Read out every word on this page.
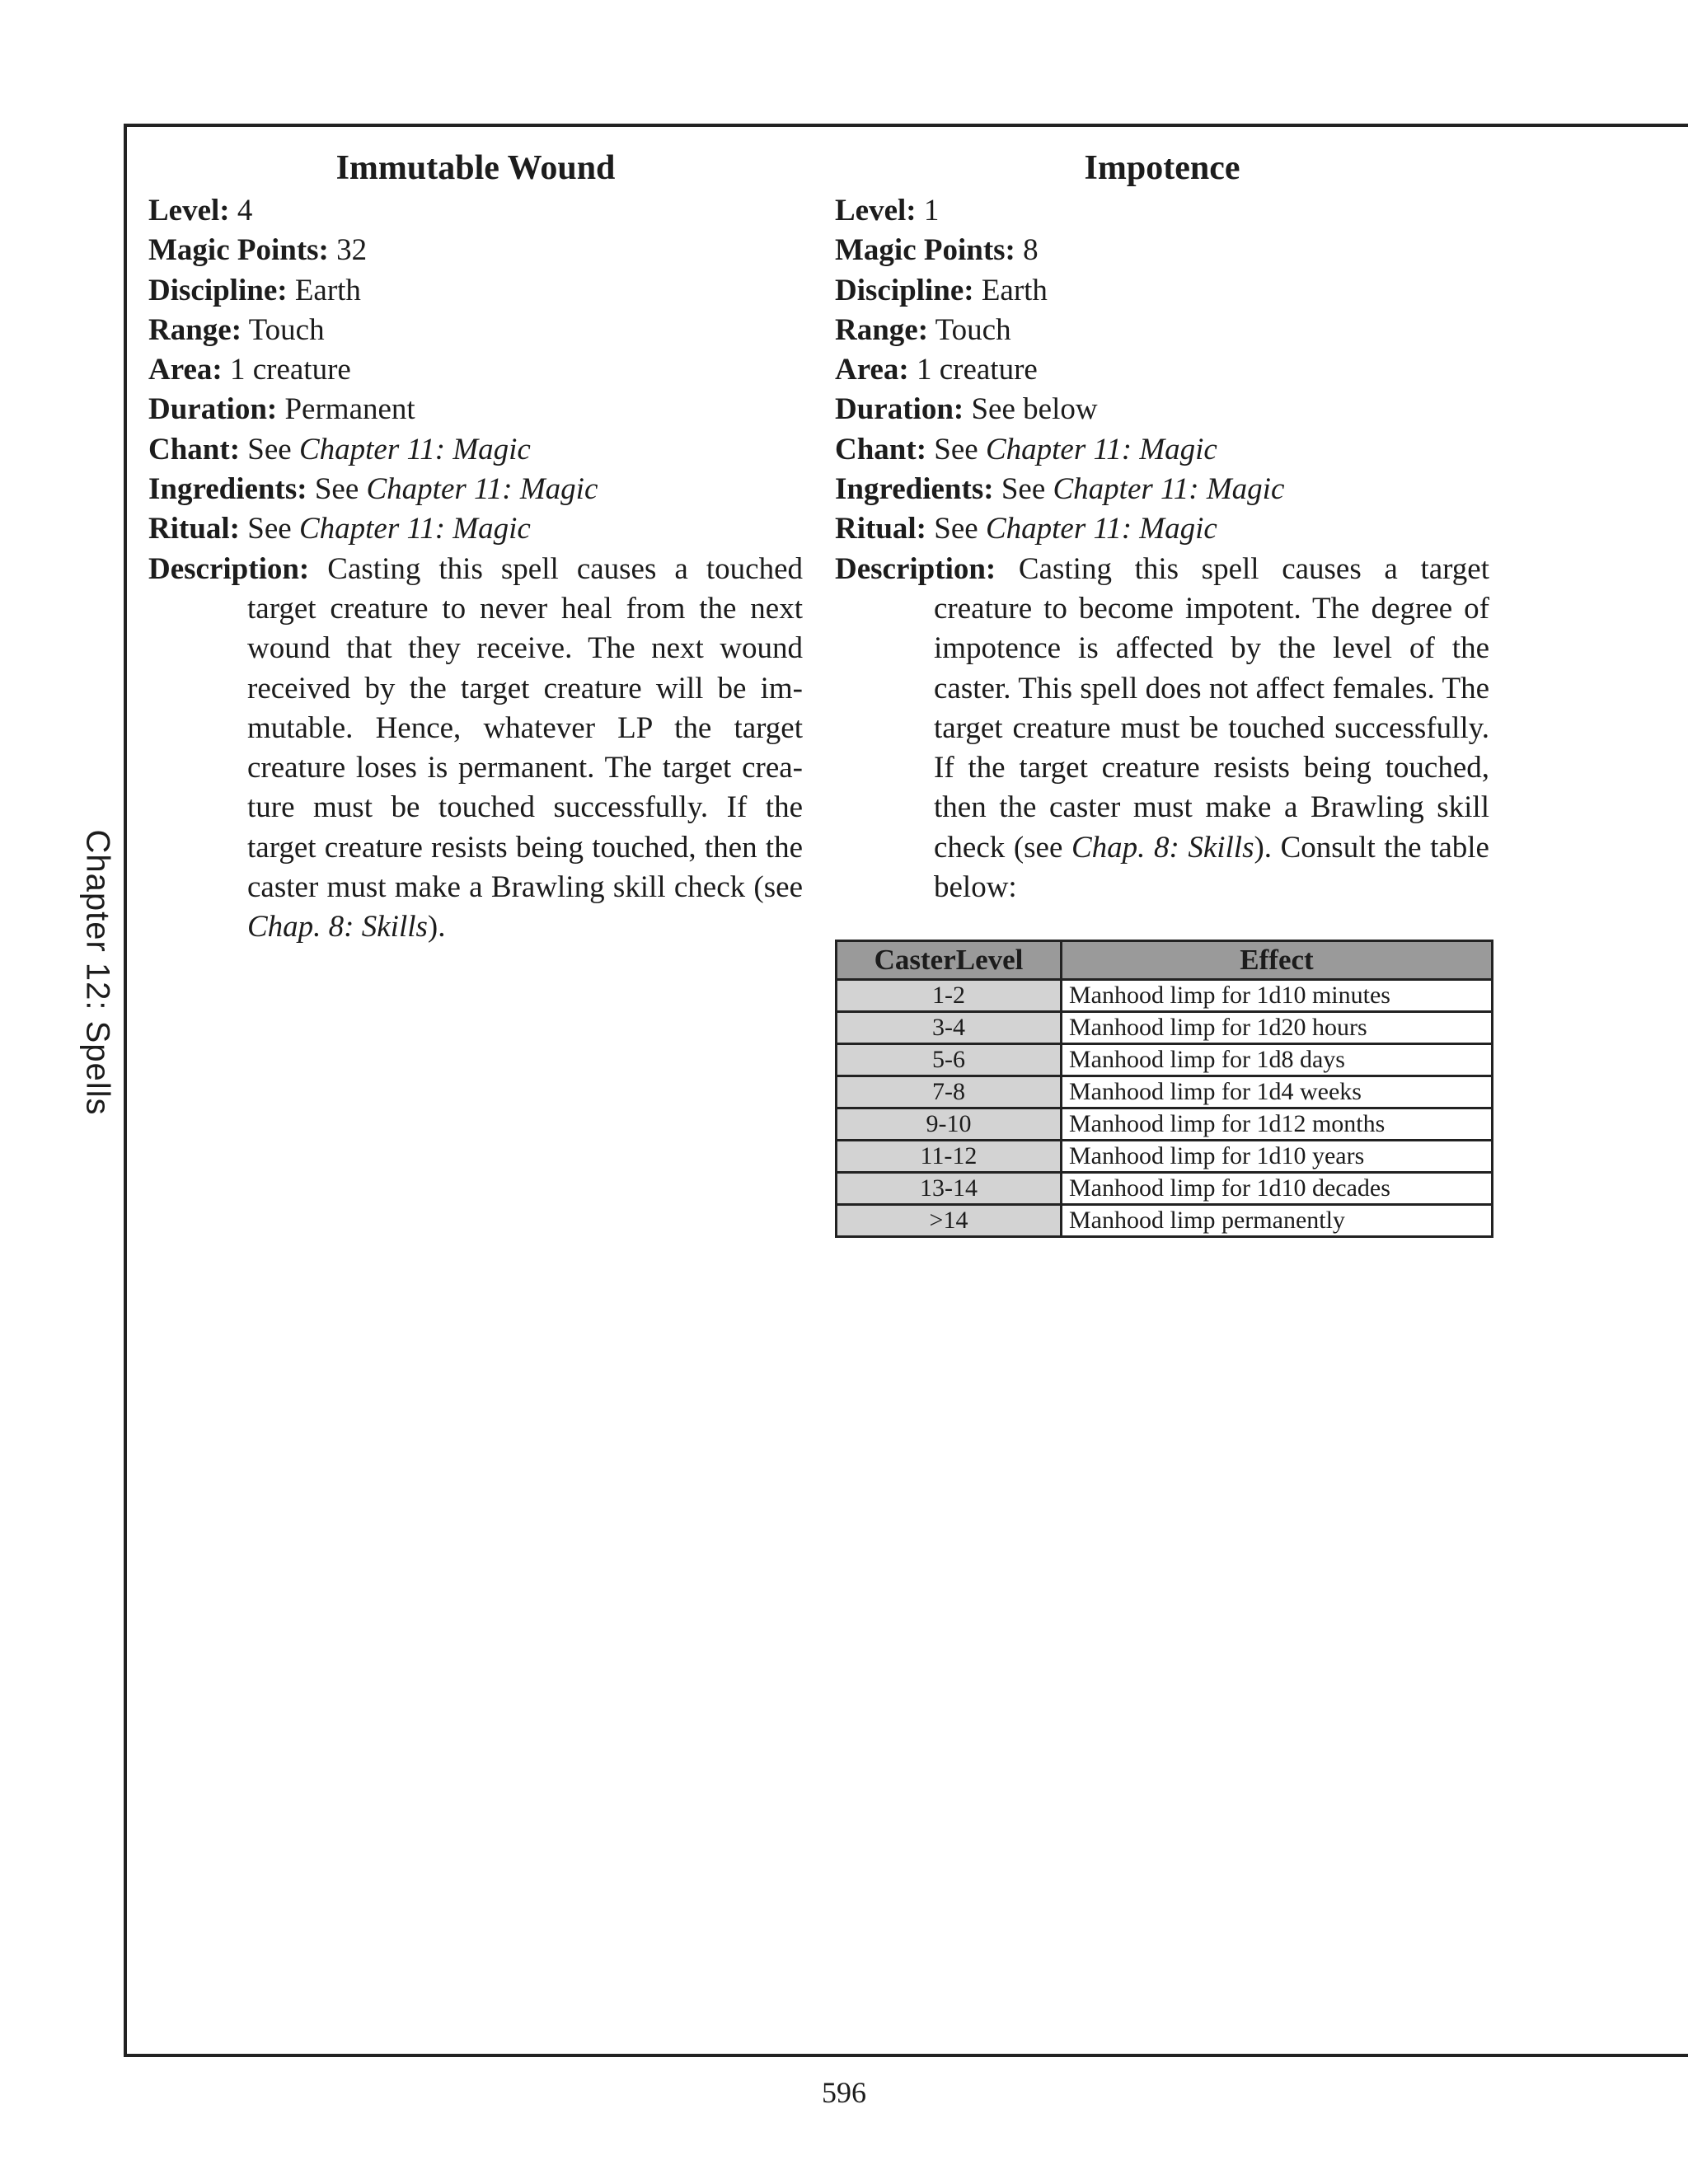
Chapter 12: Spells
Immutable Wound
Level: 4
Magic Points: 32
Discipline: Earth
Range: Touch
Area: 1 creature
Duration: Permanent
Chant: See Chapter 11: Magic
Ingredients: See Chapter 11: Magic
Ritual: See Chapter 11: Magic
Description: Casting this spell causes a touched target creature to never heal from the next wound that they receive. The next wound received by the target creature will be immutable. Hence, whatever LP the target creature loses is permanent. The target creature must be touched successfully. If the target creature resists being touched, then the caster must make a Brawling skill check (see Chap. 8: Skills).
Impotence
Level: 1
Magic Points: 8
Discipline: Earth
Range: Touch
Area: 1 creature
Duration: See below
Chant: See Chapter 11: Magic
Ingredients: See Chapter 11: Magic
Ritual: See Chapter 11: Magic
Description: Casting this spell causes a target creature to become impotent. The degree of impotence is affected by the level of the caster. This spell does not affect females. The target creature must be touched successfully. If the target creature resists being touched, then the caster must make a Brawling skill check (see Chap. 8: Skills). Consult the table below:
CasterLevel	Effect
1-2	Manhood limp for 1d10 minutes
3-4	Manhood limp for 1d20 hours
5-6	Manhood limp for 1d8 days
7-8	Manhood limp for 1d4 weeks
9-10	Manhood limp for 1d12 months
11-12	Manhood limp for 1d10 years
13-14	Manhood limp for 1d10 decades
>14	Manhood limp permanently
596
